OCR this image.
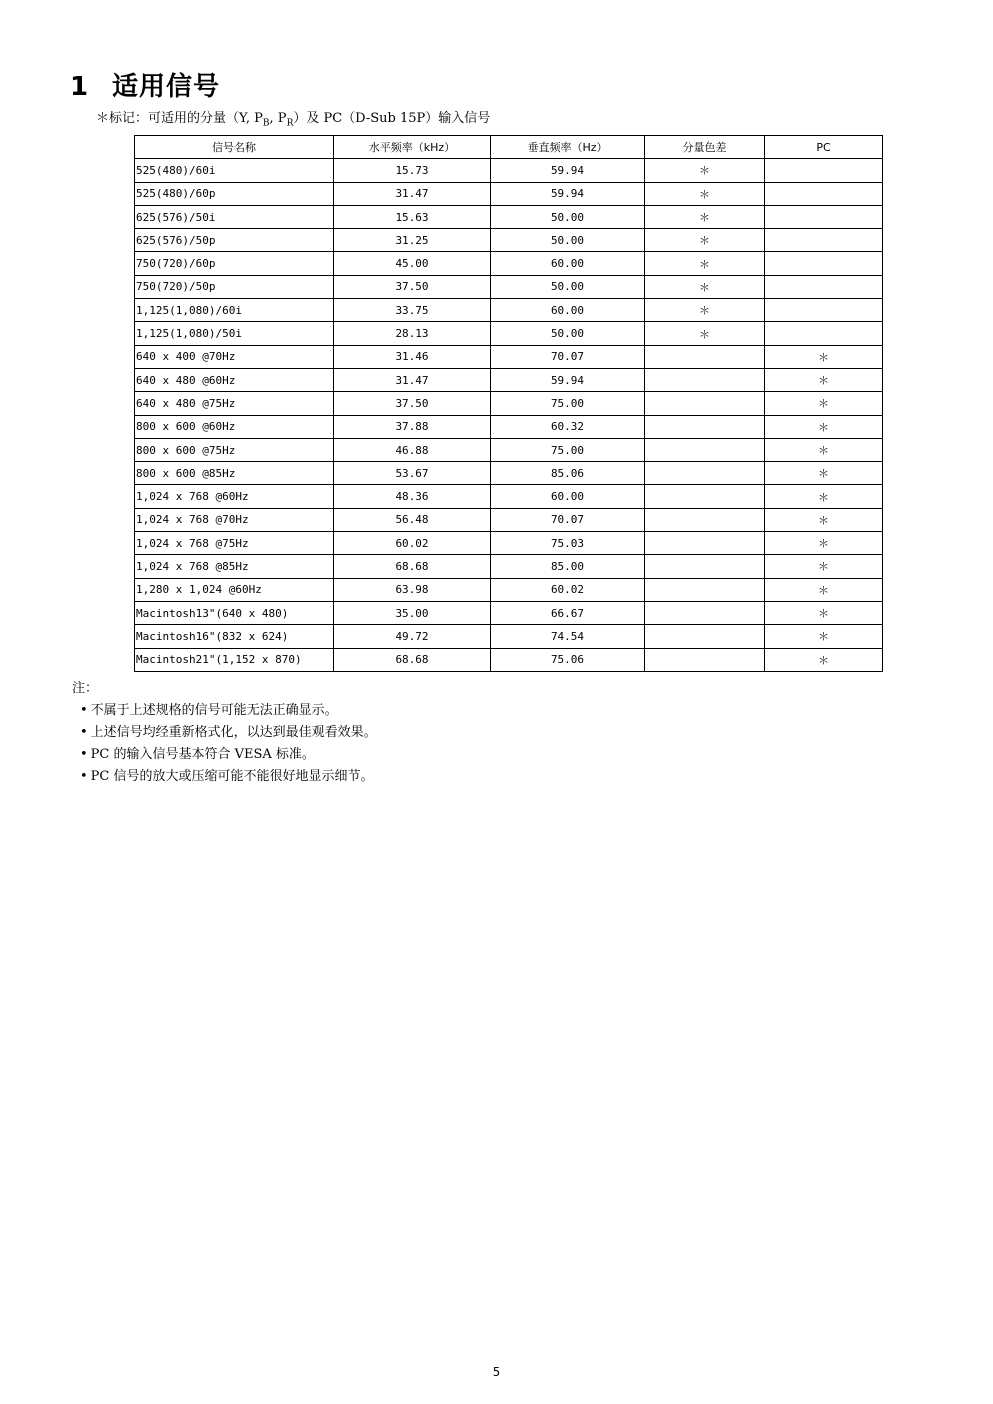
1 适用信号
＊标记：可适用的分量（Y, $P_B$, $P_R$）及 PC（D-Sub 15P）输入信号
信号名称	水平频率（kHz）	垂直频率（Hz）	分量色差	PC
525(480)/60i	15.73	59.94	＊	
525(480)/60p	31.47	59.94	＊	
625(576)/50i	15.63	50.00	＊	
625(576)/50p	31.25	50.00	＊	
750(720)/60p	45.00	60.00	＊	
750(720)/50p	37.50	50.00	＊	
1,125(1,080)/60i	33.75	60.00	＊	
1,125(1,080)/50i	28.13	50.00	＊	
640 x 400 @70Hz	31.46	70.07		＊
640 x 480 @60Hz	31.47	59.94		＊
640 x 480 @75Hz	37.50	75.00		＊
800 x 600 @60Hz	37.88	60.32		＊
800 x 600 @75Hz	46.88	75.00		＊
800 x 600 @85Hz	53.67	85.06		＊
1,024 x 768 @60Hz	48.36	60.00		＊
1,024 x 768 @70Hz	56.48	70.07		＊
1,024 x 768 @75Hz	60.02	75.03		＊
1,024 x 768 @85Hz	68.68	85.00		＊
1,280 x 1,024 @60Hz	63.98	60.02		＊
Macintosh13"(640 x 480)	35.00	66.67		＊
Macintosh16"(832 x 624)	49.72	74.54		＊
Macintosh21"(1,152 x 870)	68.68	75.06		＊
注：
• 不属于上述规格的信号可能无法正确显示。
• 上述信号均经重新格式化，以达到最佳观看效果。
• PC 的输入信号基本符合 VESA 标准。
• PC 信号的放大或压缩可能不能很好地显示细节。
5
